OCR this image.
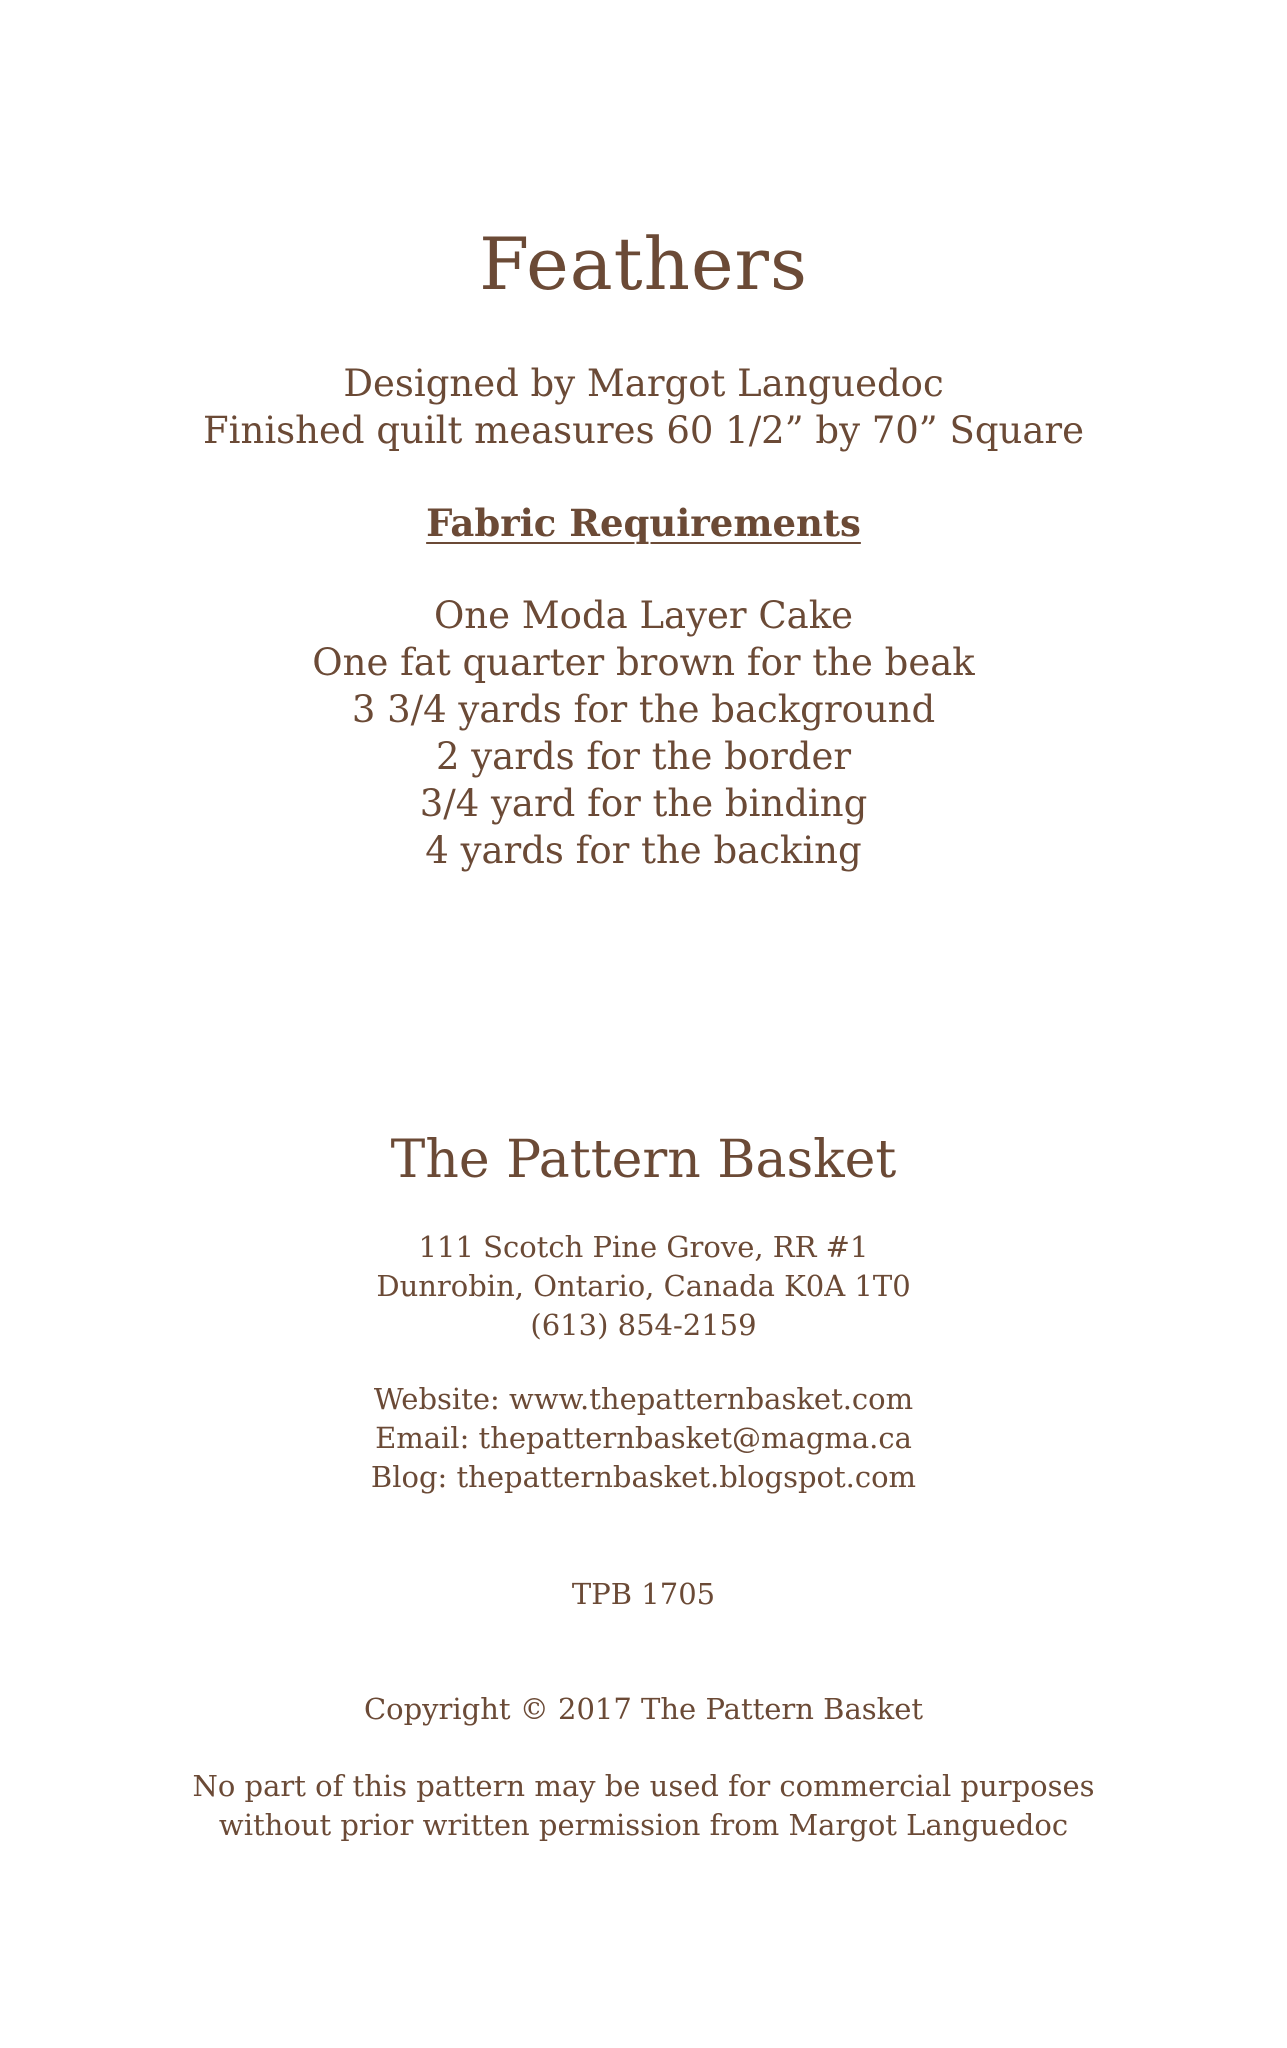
Feathers
Designed by Margot Languedoc
Finished quilt measures 60 1/2” by 70” Square
Fabric Requirements
One Moda Layer Cake
One fat quarter brown for the beak
3 3/4 yards for the background
2 yards for the border
3/4 yard for the binding
4 yards for the backing
The Pattern Basket
111 Scotch Pine Grove, RR #1
Dunrobin, Ontario, Canada K0A 1T0
(613) 854-2159
Website: www.thepatternbasket.com
Email: thepatternbasket@magma.ca
Blog: thepatternbasket.blogspot.com
TPB 1705
Copyright © 2017 The Pattern Basket
No part of this pattern may be used for commercial purposes
without prior written permission from Margot Languedoc
